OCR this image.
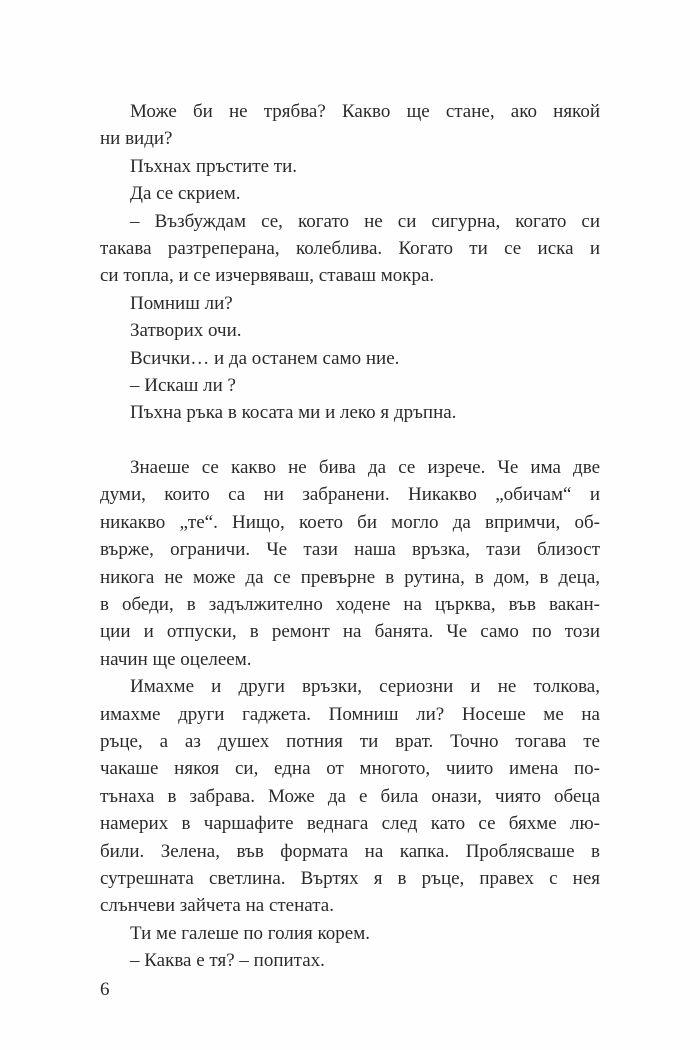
Може би не трябва? Какво ще стане, ако някой
ни види?
Пъхнах пръстите ти.
Да се скрием.
– Възбуждам се, когато не си сигурна, когато си
такава разтреперана, колеблива. Когато ти се иска и
си топла, и се изчервяваш, ставаш мокра.
Помниш ли?
Затворих очи.
Всички… и да останем само ние.
– Искаш ли ?
Пъхна ръка в косата ми и леко я дръпна.
Знаеше се какво не бива да се изрече. Че има две
думи, които са ни забранени. Никакво „обичам“ и
никакво „те“. Нищо, което би могло да впримчи, об-
върже, ограничи. Че тази наша връзка, тази близост
никога не може да се превърне в рутина, в дом, в деца,
в обеди, в задължително ходене на църква, във вакан-
ции и отпуски, в ремонт на банята. Че само по този
начин ще оцелеем.
Имахме и други връзки, сериозни и не толкова,
имахме други гаджета. Помниш ли? Носеше ме на
ръце, а аз душех потния ти врат. Точно тогава те
чакаше някоя си, една от многото, чиито имена по-
тънаха в забрава. Може да е била онази, чиято обеца
намерих в чаршафите веднага след като се бяхме лю-
били. Зелена, във формата на капка. Проблясваше в
сутрешната светлина. Въртях я в ръце, правех с нея
слънчеви зайчета на стената.
Ти ме галеше по голия корем.
– Каква е тя? – попитах.
6
